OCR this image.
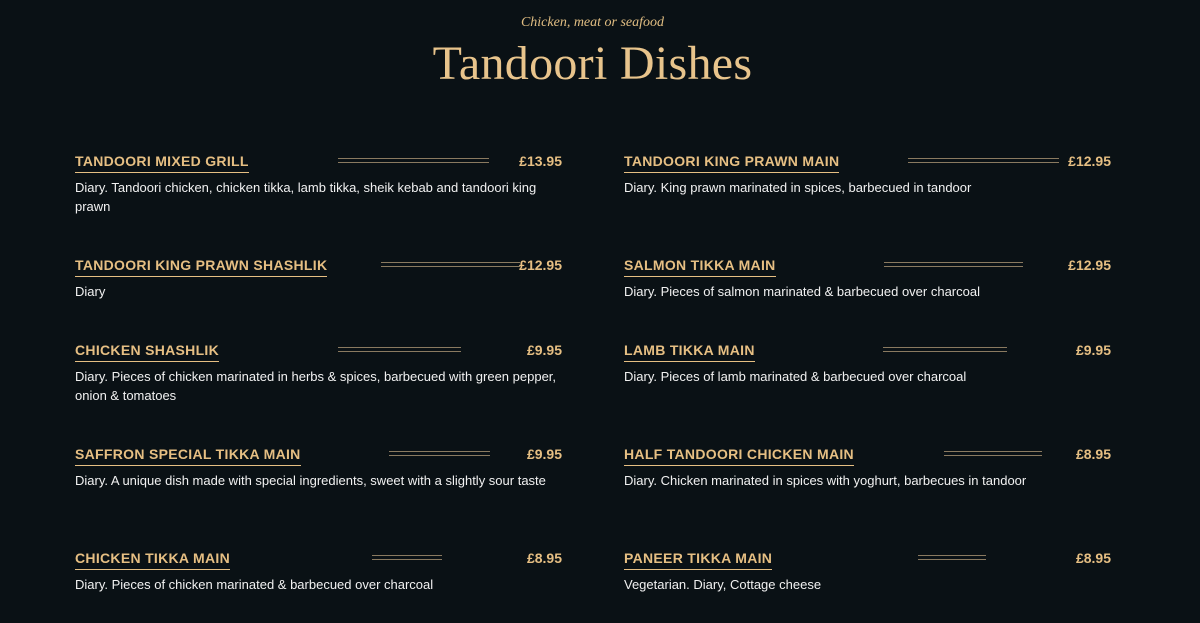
Chicken, meat or seafood
Tandoori Dishes
TANDOORI MIXED GRILL	£13.95
Diary. Tandoori chicken, chicken tikka, lamb tikka, sheik kebab and tandoori king prawn
TANDOORI KING PRAWN SHASHLIK	£12.95
Diary
CHICKEN SHASHLIK	£9.95
Diary. Pieces of chicken marinated in herbs & spices, barbecued with green pepper, onion & tomatoes
SAFFRON SPECIAL TIKKA MAIN	£9.95
Diary. A unique dish made with special ingredients, sweet with a slightly sour taste
CHICKEN TIKKA MAIN	£8.95
Diary. Pieces of chicken marinated & barbecued over charcoal
TANDOORI KING PRAWN MAIN	£12.95
Diary. King prawn marinated in spices, barbecued in tandoor
SALMON TIKKA MAIN	£12.95
Diary. Pieces of salmon marinated & barbecued over charcoal
LAMB TIKKA MAIN	£9.95
Diary. Pieces of lamb marinated & barbecued over charcoal
HALF TANDOORI CHICKEN MAIN	£8.95
Diary. Chicken marinated in spices with yoghurt, barbecues in tandoor
PANEER TIKKA MAIN	£8.95
Vegetarian. Diary, Cottage cheese
